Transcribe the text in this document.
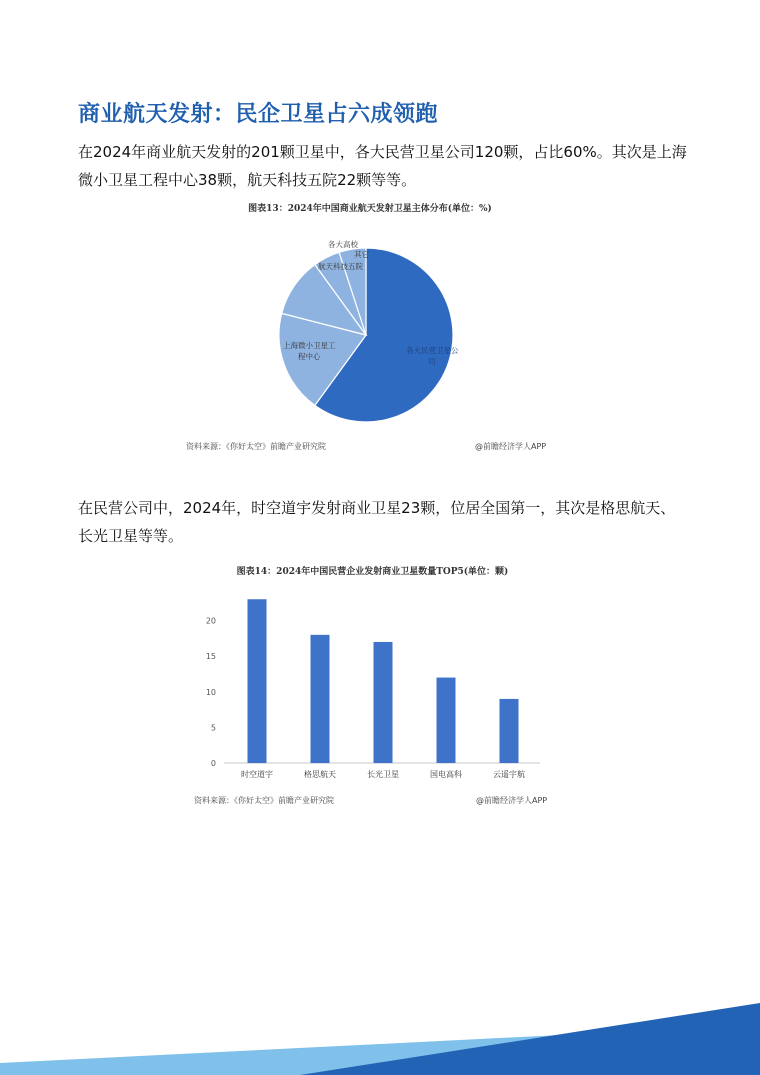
商业航天发射：民企卫星占六成领跑
在2024年商业航天发射的201颗卫星中，各大民营卫星公司120颗，占比60%。其次是上海微小卫星工程中心38颗，航天科技五院22颗等等。
图表13：2024年中国商业航天发射卫星主体分布(单位：%)
各大民营卫星公司
上海微小卫星工程中心
航天科技五院
各大高校
其它
资料来源：《你好太空》前瞻产业研究院	@前瞻经济学人APP
在民营公司中，2024年，时空道宇发射商业卫星23颗，位居全国第一，其次是格思航天、长光卫星等等。
图表14：2024年中国民营企业发射商业卫星数量TOP5(单位：颗)
0
5
10
15
20
时空道宇	格思航天	长光卫星	国电高科	云遥宇航
资料来源：《你好太空》前瞻产业研究院	@前瞻经济学人APP
